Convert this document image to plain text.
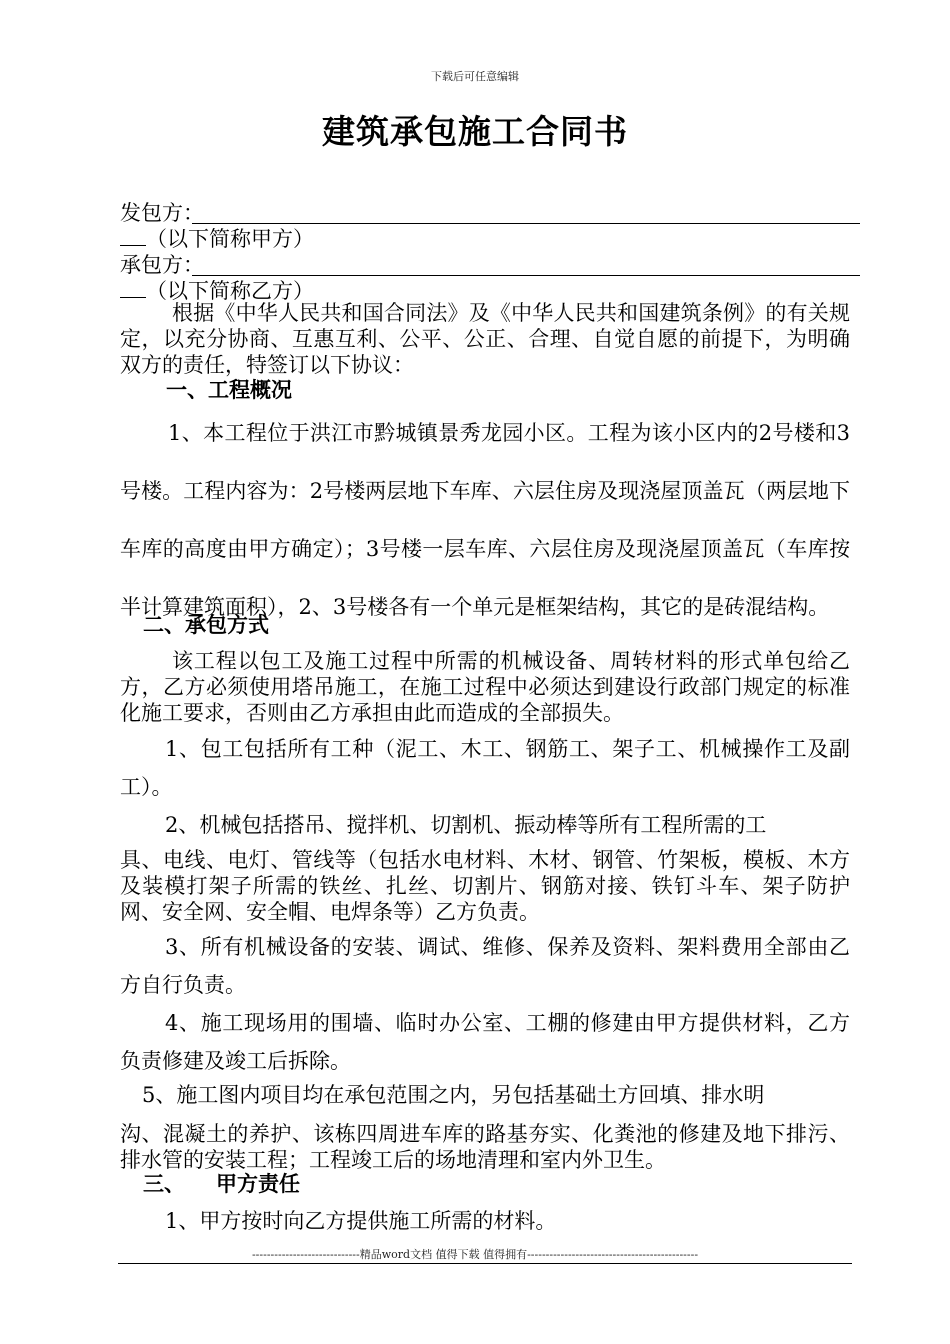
下载后可任意编辑
建筑承包施工合同书
发包方：
（以下简称甲方）
承包方：
（以下简称乙方）
根据《中华人民共和国合同法》及《中华人民共和国建筑条例》的有关规定，以充分协商、互惠互利、公平、公正、合理、自觉自愿的前提下，为明确双方的责任，特签订以下协议：
一、工程概况
1、本工程位于洪江市黔城镇景秀龙园小区。工程为该小区内的2号楼和3号楼。工程内容为：2号楼两层地下车库、六层住房及现浇屋顶盖瓦（两层地下车库的高度由甲方确定）；3号楼一层车库、六层住房及现浇屋顶盖瓦（车库按半计算建筑面积），2、3号楼各有一个单元是框架结构，其它的是砖混结构。
二、承包方式
该工程以包工及施工过程中所需的机械设备、周转材料的形式单包给乙方，乙方必须使用塔吊施工，在施工过程中必须达到建设行政部门规定的标准化施工要求，否则由乙方承担由此而造成的全部损失。
1、包工包括所有工种（泥工、木工、钢筋工、架子工、机械操作工及副工）。
2、机械包括搭吊、搅拌机、切割机、振动棒等所有工程所需的工
具、电线、电灯、管线等（包括水电材料、木材、钢管、竹架板，模板、木方及装模打架子所需的铁丝、扎丝、切割片、钢筋对接、铁钉斗车、架子防护网、安全网、安全帽、电焊条等）乙方负责。
3、所有机械设备的安装、调试、维修、保养及资料、架料费用全部由乙方自行负责。
4、施工现场用的围墙、临时办公室、工棚的修建由甲方提供材料，乙方负责修建及竣工后拆除。
5、施工图内项目均在承包范围之内，另包括基础土方回填、排水明
沟、混凝土的养护、该栋四周进车库的路基夯实、化粪池的修建及地下排污、排水管的安装工程；工程竣工后的场地清理和室内外卫生。
三、 甲方责任
1、甲方按时向乙方提供施工所需的材料。
-----------------------------精品word文档 值得下载 值得拥有----------------------------------------------
